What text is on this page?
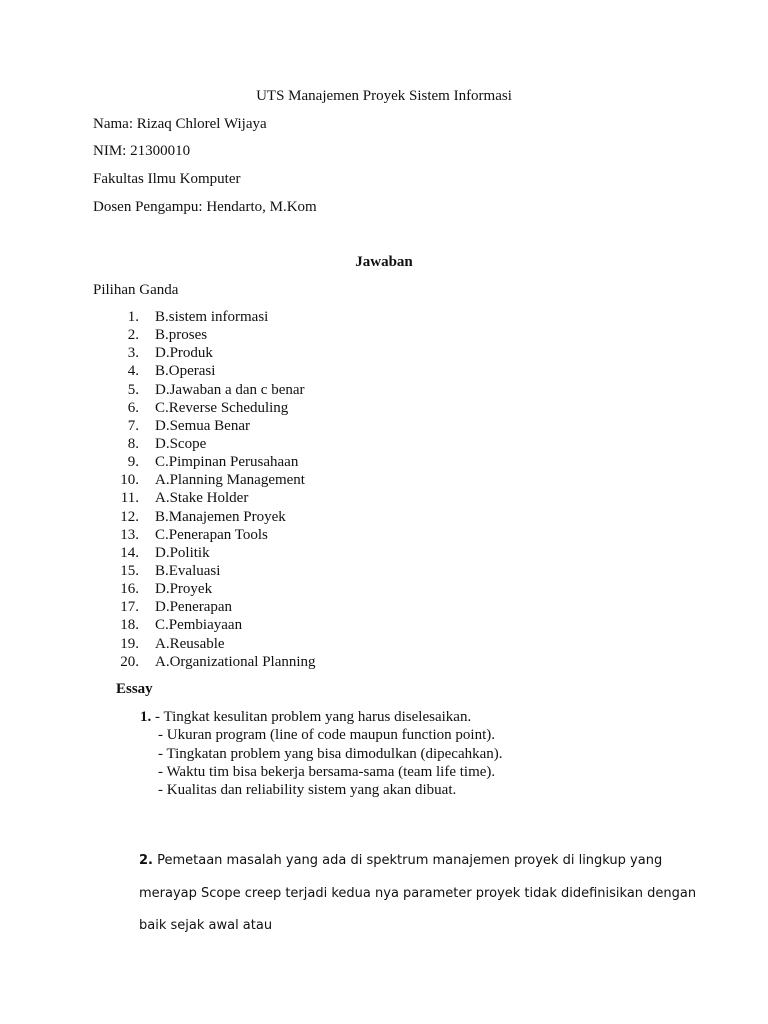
UTS Manajemen Proyek Sistem Informasi
Nama: Rizaq Chlorel Wijaya
NIM: 21300010
Fakultas Ilmu Komputer
Dosen Pengampu: Hendarto, M.Kom
Jawaban
Pilihan Ganda
1. B.sistem informasi
2. B.proses
3. D.Produk
4. B.Operasi
5. D.Jawaban a dan c benar
6. C.Reverse Scheduling
7. D.Semua Benar
8. D.Scope
9. C.Pimpinan Perusahaan
10. A.Planning Management
11. A.Stake Holder
12. B.Manajemen Proyek
13. C.Penerapan Tools
14. D.Politik
15. B.Evaluasi
16. D.Proyek
17. D.Penerapan
18. C.Pembiayaan
19. A.Reusable
20. A.Organizational Planning
Essay
1. - Tingkat kesulitan problem yang harus diselesaikan.
- Ukuran program (line of code maupun function point).
- Tingkatan problem yang bisa dimodulkan (dipecahkan).
- Waktu tim bisa bekerja bersama-sama (team life time).
- Kualitas dan reliability sistem yang akan dibuat.
2. Pemetaan masalah yang ada di spektrum manajemen proyek di lingkup yang
merayap Scope creep terjadi kedua nya parameter proyek tidak didefinisikan dengan
baik sejak awal atau
